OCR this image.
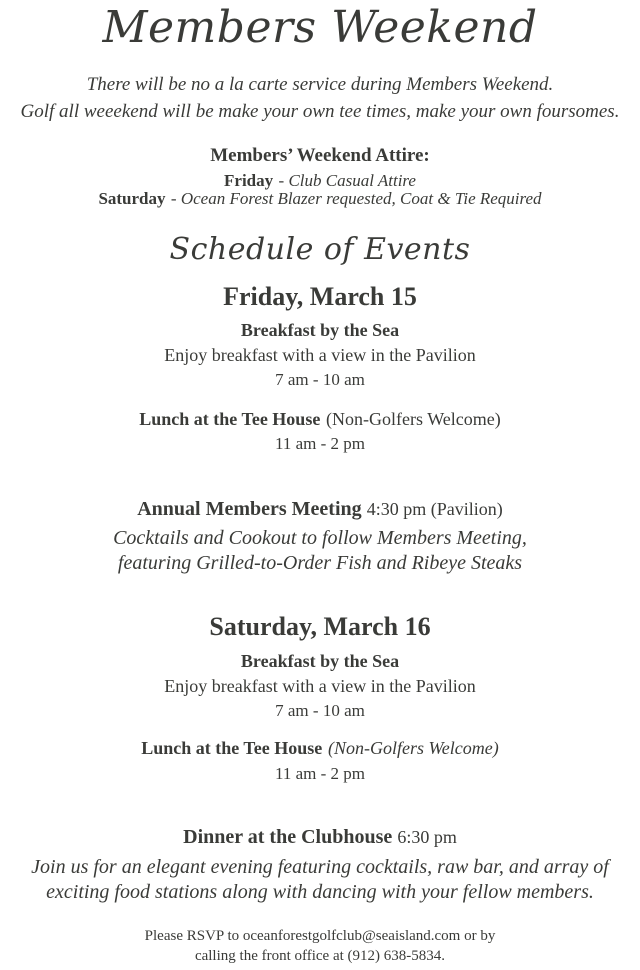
Members Weekend
There will be no a la carte service during Members Weekend.
Golf all weeekend will be make your own tee times, make your own foursomes.
Members’ Weekend Attire:
Friday - Club Casual Attire
Saturday - Ocean Forest Blazer requested, Coat & Tie Required
Schedule of Events
Friday, March 15
Breakfast by the Sea
Enjoy breakfast with a view in the Pavilion
7 am - 10 am
Lunch at the Tee House (Non-Golfers Welcome)
11 am - 2 pm
Annual Members Meeting 4:30 pm (Pavilion)
Cocktails and Cookout to follow Members Meeting,
featuring Grilled-to-Order Fish and Ribeye Steaks
Saturday, March 16
Breakfast by the Sea
Enjoy breakfast with a view in the Pavilion
7 am - 10 am
Lunch at the Tee House (Non-Golfers Welcome)
11 am - 2 pm
Dinner at the Clubhouse 6:30 pm
Join us for an elegant evening featuring cocktails, raw bar, and array of
exciting food stations along with dancing with your fellow members.
Please RSVP to oceanforestgolfclub@seaisland.com or by
calling the front office at (912) 638-5834.
